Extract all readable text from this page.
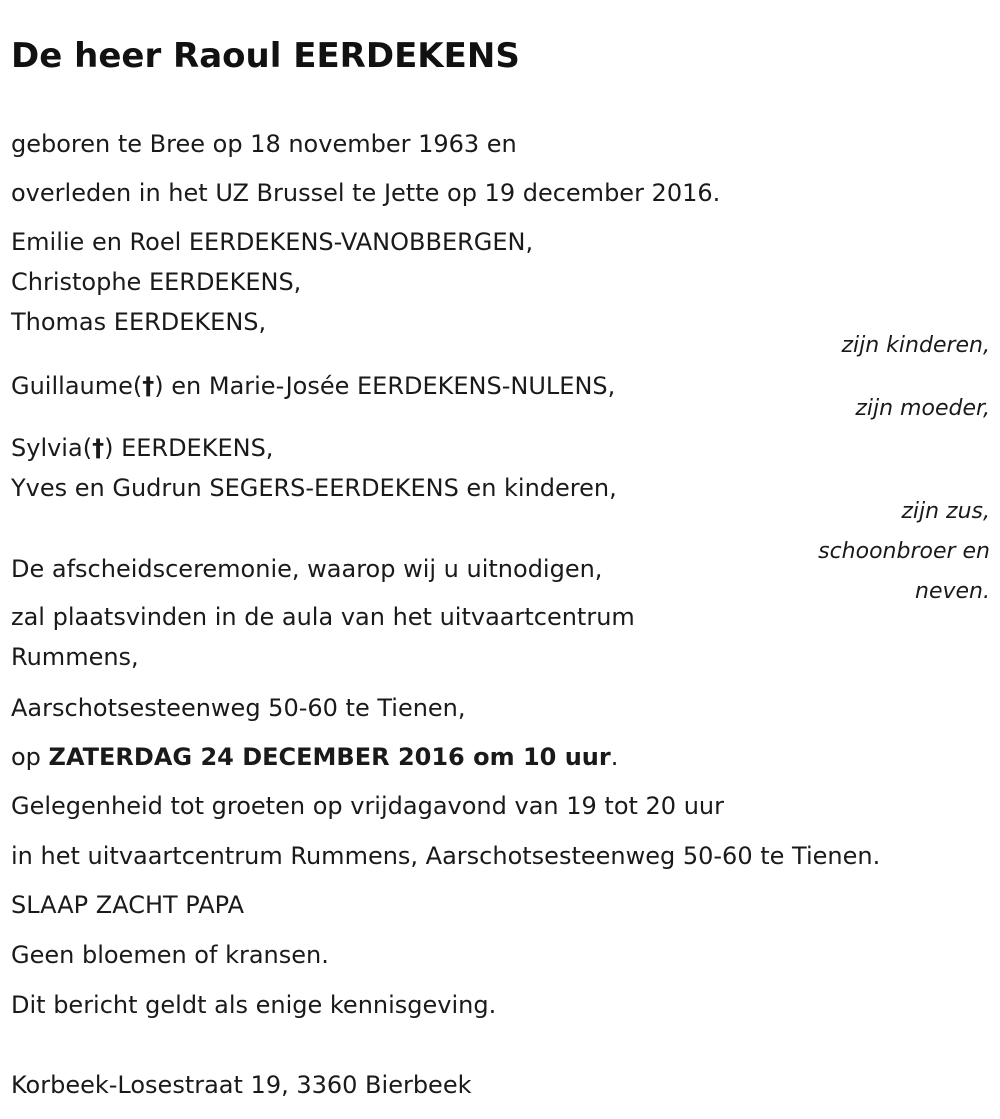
De heer Raoul EERDEKENS

geboren te Bree op 18 november 1963 en

overleden in het UZ Brussel te Jette op 19 december 2016.

Emilie en Roel EERDEKENS-VANOBBERGEN,

Christophe EERDEKENS,

Thomas EERDEKENS,

zijn kinderen,

Guillaume(†) en Marie-Josée EERDEKENS-NULENS,

zijn moeder,

Sylvia(†) EERDEKENS,

Yves en Gudrun SEGERS-EERDEKENS en kinderen,

zijn zus,

schoonbroer en

neven.

De afscheidsceremonie, waarop wij u uitnodigen,

zal plaatsvinden in de aula van het uitvaartcentrum

Rummens,

Aarschotsesteenweg 50-60 te Tienen,

op ZATERDAG 24 DECEMBER 2016 om 10 uur.

Gelegenheid tot groeten op vrijdagavond van 19 tot 20 uur

in het uitvaartcentrum Rummens, Aarschotsesteenweg 50-60 te Tienen.

SLAAP ZACHT PAPA

Geen bloemen of kransen.

Dit bericht geldt als enige kennisgeving.

Korbeek-Losestraat 19, 3360 Bierbeek
